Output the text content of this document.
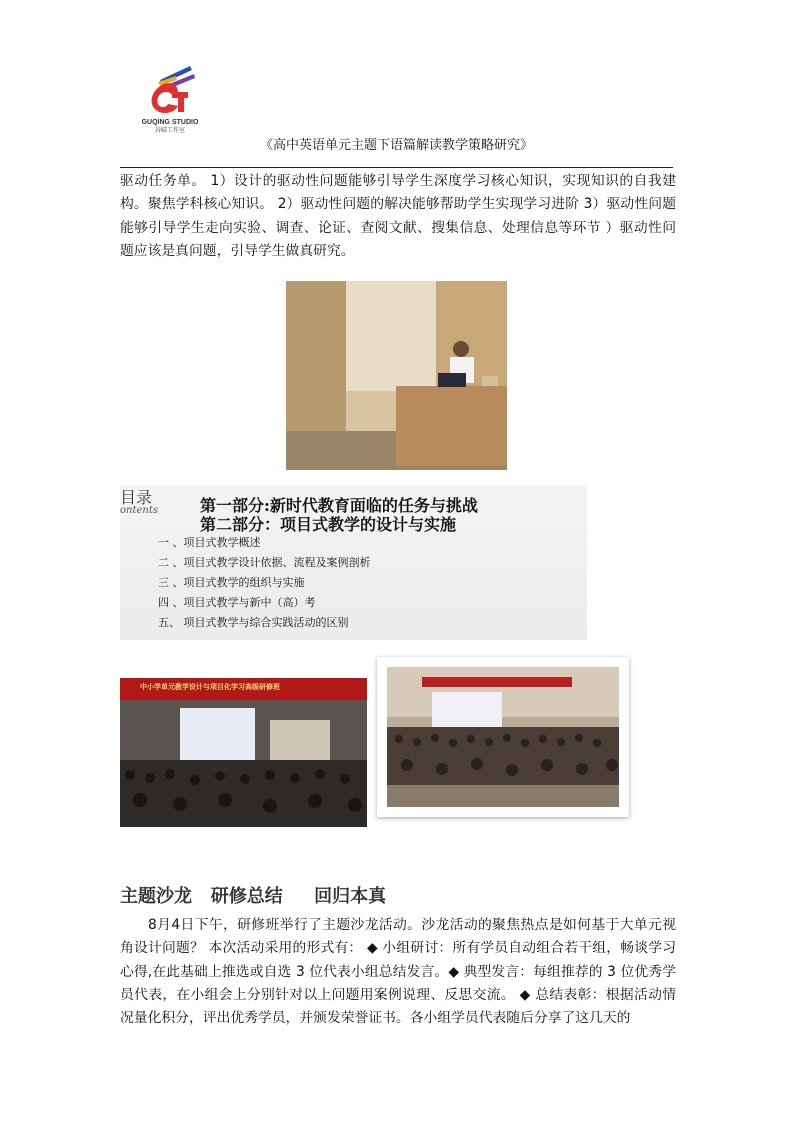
GUQING STUDIO
谷晴工作室
《高中英语单元主题下语篇解读教学策略研究》
驱动任务单。 1）设计的驱动性问题能够引导学生深度学习核心知识，实现知识的自我建构。聚焦学科核心知识。 2）驱动性问题的解决能够帮助学生实现学习进阶 3）驱动性问题能够引导学生走向实验、调查、论证、查阅文献、搜集信息、处理信息等环节 ）驱动性问题应该是真问题，引导学生做真研究。
目录
ontents	第一部分:新时代教育面临的任务与挑战
第二部分：项目式教学的设计与实施
一 、项目式教学概述
二 、项目式教学设计依据、流程及案例剖析
三 、项目式教学的组织与实施
四 、项目式教学与新中（高）考
五、 项目式教学与综合实践活动的区别
中小学单元教学设计与项目化学习高级研修班
主题沙龙   研修总结     回归本真
8月4日下午，研修班举行了主题沙龙活动。沙龙活动的聚焦热点是如何基于大单元视角设计问题？ 本次活动采用的形式有： ◆ 小组研讨：所有学员自动组合若干组，畅谈学习心得,在此基础上推选或自选 3 位代表小组总结发言。◆ 典型发言：每组推荐的 3 位优秀学员代表，在小组会上分别针对以上问题用案例说理、反思交流。 ◆ 总结表彰：根据活动情况量化积分，评出优秀学员，并颁发荣誉证书。各小组学员代表随后分享了这几天的
